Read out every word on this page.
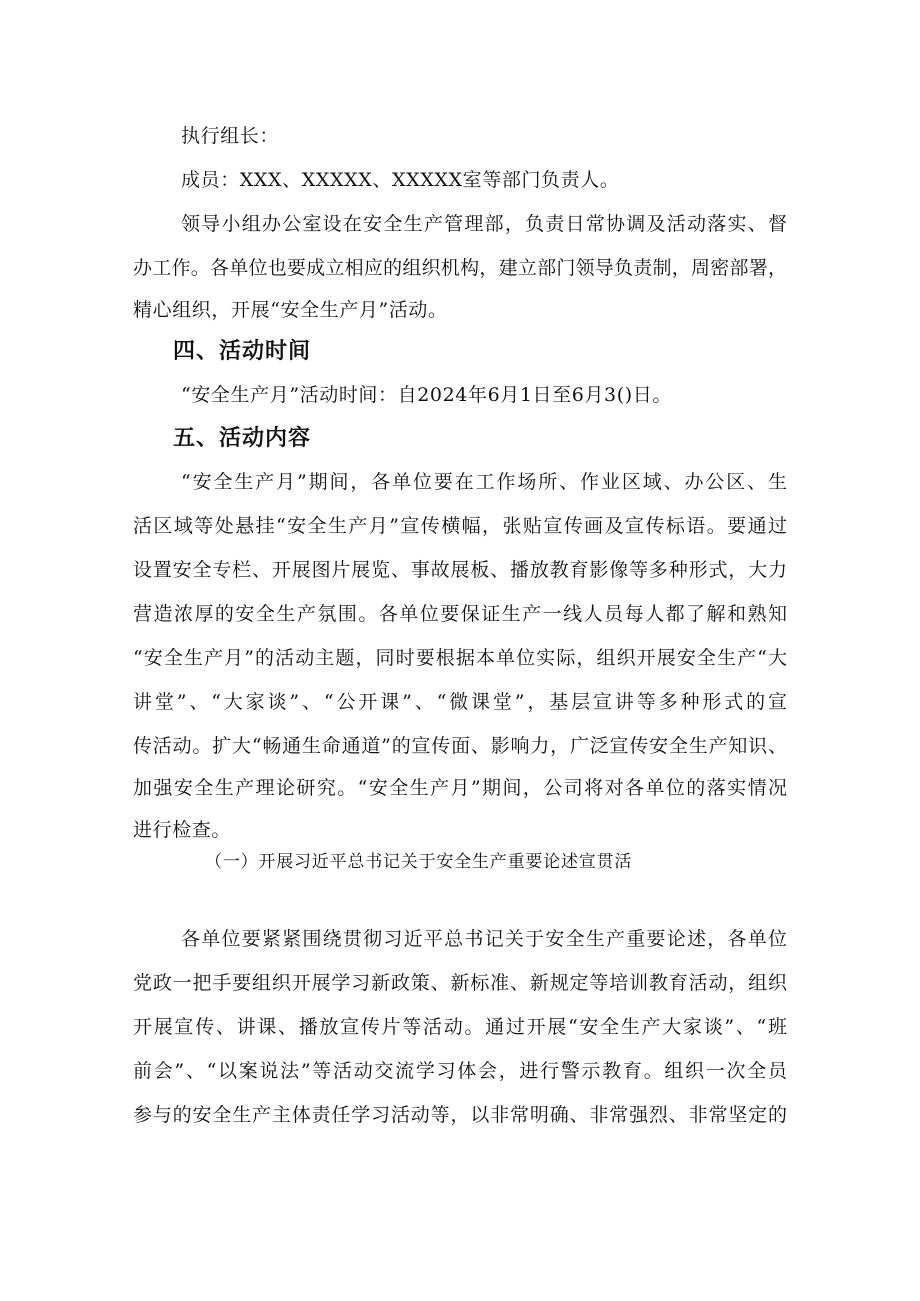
执行组长：
成员：XXX、XXXXX、XXXXX室等部门负责人。
领导小组办公室设在安全生产管理部，负责日常协调及活动落实、督
办工作。各单位也要成立相应的组织机构，建立部门领导负责制，周密部署，
精心组织，开展“安全生产月”活动。
四、活动时间
“安全生产月”活动时间：自2024年6月1日至6月3()日。
五、活动内容
“安全生产月”期间，各单位要在工作场所、作业区域、办公区、生
活区域等处悬挂“安全生产月”宣传横幅，张贴宣传画及宣传标语。要通过
设置安全专栏、开展图片展览、事故展板、播放教育影像等多种形式，大力
营造浓厚的安全生产氛围。各单位要保证生产一线人员每人都了解和熟知
“安全生产月”的活动主题，同时要根据本单位实际，组织开展安全生产“大
讲堂”、“大家谈”、“公开课”、“微课堂”，基层宣讲等多种形式的宣
传活动。扩大“畅通生命通道”的宣传面、影响力，广泛宣传安全生产知识、
加强安全生产理论研究。“安全生产月”期间，公司将对各单位的落实情况
进行检查。
（一）开展习近平总书记关于安全生产重要论述宣贯活
各单位要紧紧围绕贯彻习近平总书记关于安全生产重要论述，各单位
党政一把手要组织开展学习新政策、新标准、新规定等培训教育活动，组织
开展宣传、讲课、播放宣传片等活动。通过开展“安全生产大家谈”、“班
前会”、“以案说法”等活动交流学习体会，进行警示教育。组织一次全员
参与的安全生产主体责任学习活动等，以非常明确、非常强烈、非常坚定的
